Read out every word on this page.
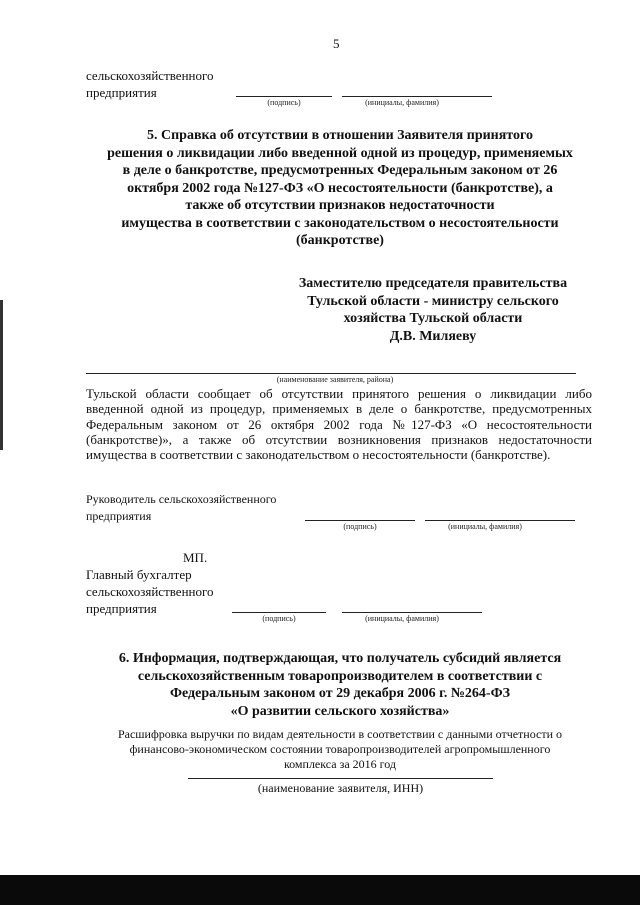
5
сельскохозяйственного
предприятия
(подпись)	(инициалы, фамилия)
5. Справка об отсутствии в отношении Заявителя принятого
решения о ликвидации либо введенной одной из процедур, применяемых
в деле о банкротстве, предусмотренных Федеральным законом от 26
октября 2002 года №127-ФЗ «О несостоятельности (банкротстве), а
также об отсутствии признаков недостаточности
имущества в соответствии с законодательством о несостоятельности
(банкротстве)
Заместителю председателя правительства
Тульской области - министру сельского
хозяйства Тульской области
Д.В. Миляеву
(наименование заявителя, района)
Тульской области сообщает об отсутствии принятого решения о ликвидации либо введенной одной из процедур, применяемых в деле о банкротстве, предусмотренных Федеральным законом от 26 октября 2002 года №127-ФЗ «О несостоятельности (банкротстве)», а также об отсутствии возникновения признаков недостаточности имущества в соответствии с законодательством о несостоятельности (банкротстве).
Руководитель сельскохозяйственного
предприятия
(подпись)	(инициалы, фамилия)
МП.
Главный бухгалтер
сельскохозяйственного
предприятия
(подпись)	(инициалы, фамилия)
6. Информация, подтверждающая, что получатель субсидий является
сельскохозяйственным товаропроизводителем в соответствии с
Федеральным законом от 29 декабря 2006 г. №264-ФЗ
«О развитии сельского хозяйства»
Расшифровка выручки по видам деятельности в соответствии с данными отчетности о
финансово-экономическом состоянии товаропроизводителей агропромышленного
комплекса за 2016 год
(наименование заявителя, ИНН)
